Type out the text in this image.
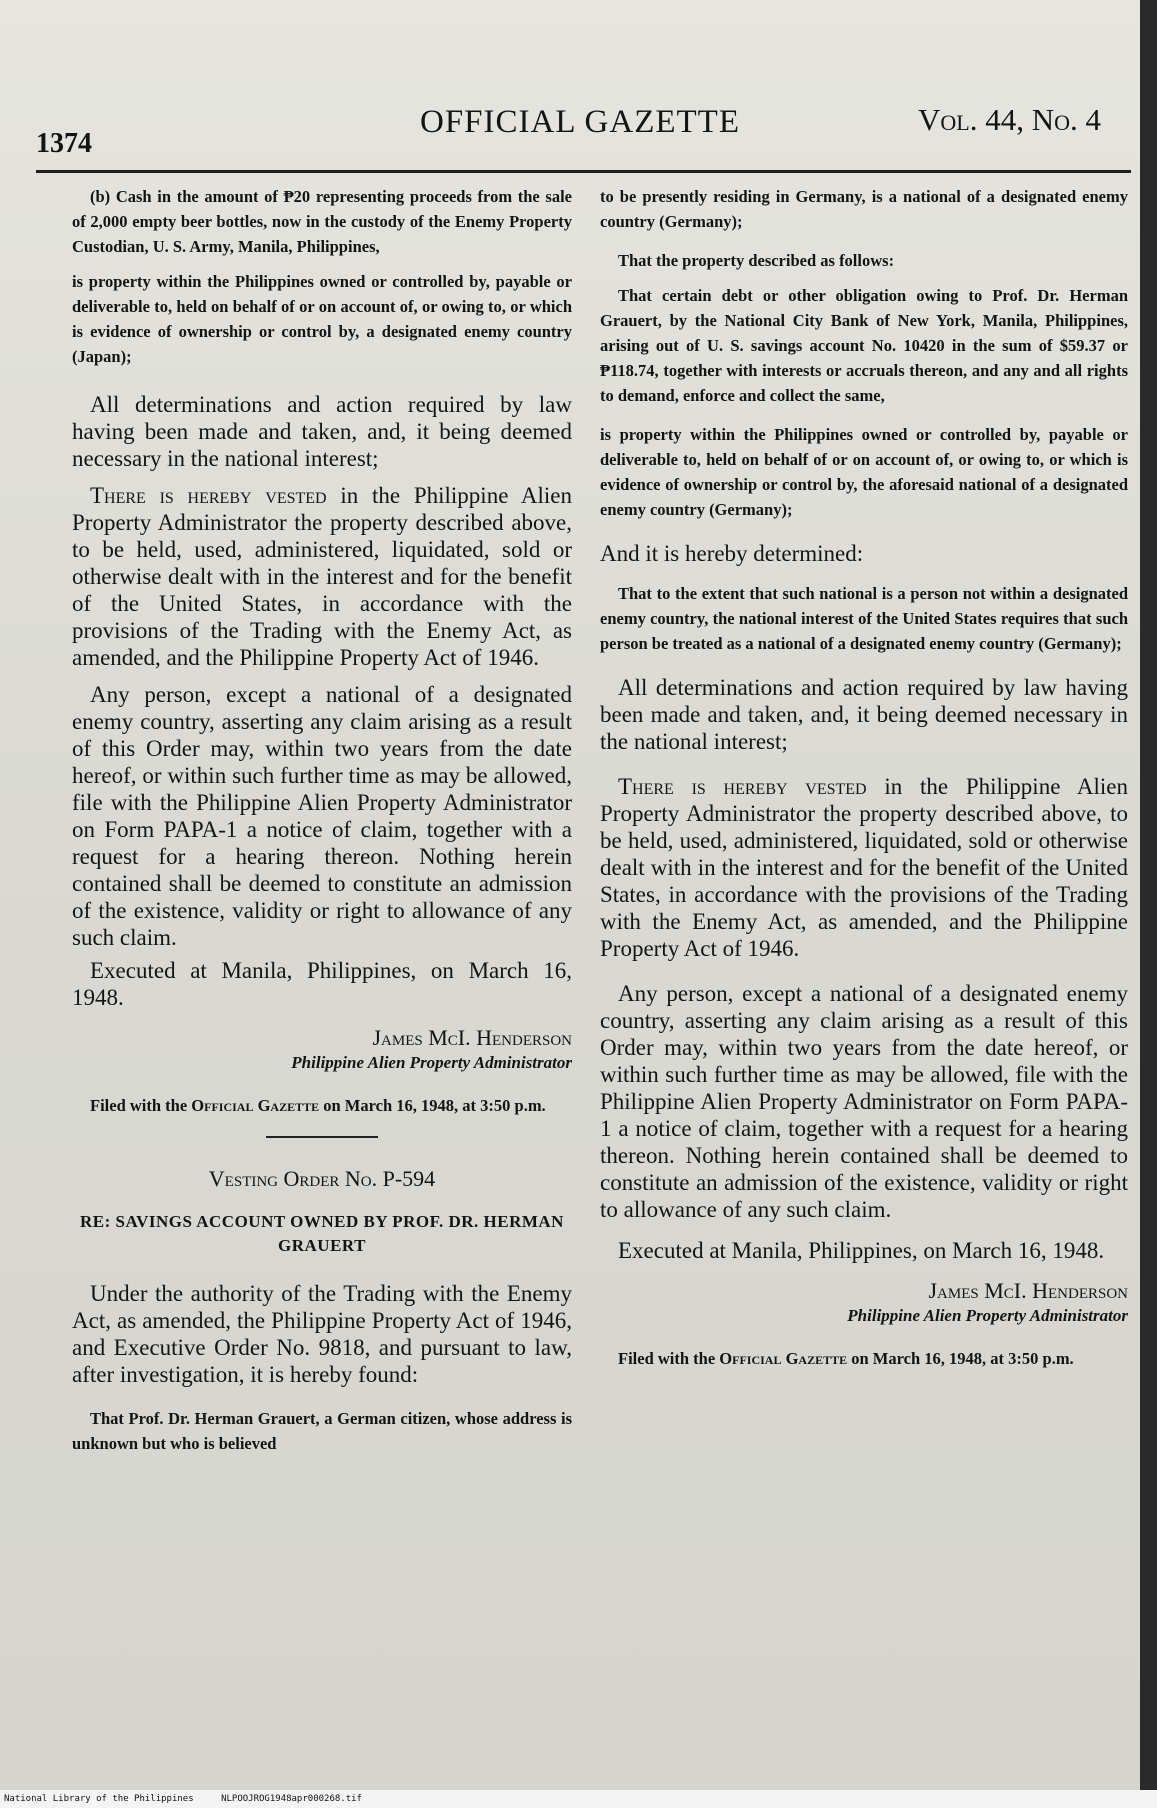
1374
OFFICIAL GAZETTE	Vol. 44, No. 4

(b) Cash in the amount of ₱20 representing proceeds from the sale of 2,000 empty beer bottles, now in the custody of the Enemy Property Custodian, U. S. Army, Manila, Philippines,

is property within the Philippines owned or controlled by, payable or deliverable to, held on behalf of or on account of, or owing to, or which is evidence of ownership or control by, a designated enemy country (Japan);

All determinations and action required by law having been made and taken, and, it being deemed necessary in the national interest;

There is hereby vested in the Philippine Alien Property Administrator the property described above, to be held, used, administered, liquidated, sold or otherwise dealt with in the interest and for the benefit of the United States, in accordance with the provisions of the Trading with the Enemy Act, as amended, and the Philippine Property Act of 1946.

Any person, except a national of a designated enemy country, asserting any claim arising as a result of this Order may, within two years from the date hereof, or within such further time as may be allowed, file with the Philippine Alien Property Administrator on Form PAPA-1 a notice of claim, together with a request for a hearing thereon. Nothing herein contained shall be deemed to constitute an admission of the existence, validity or right to allowance of any such claim.

Executed at Manila, Philippines, on March 16, 1948.

James McI. Henderson
Philippine Alien Property Administrator

Filed with the Official Gazette on March 16, 1948, at 3:50 p.m.

Vesting Order No. P-594

RE: SAVINGS ACCOUNT OWNED BY PROF. DR. HERMAN GRAUERT

Under the authority of the Trading with the Enemy Act, as amended, the Philippine Property Act of 1946, and Executive Order No. 9818, and pursuant to law, after investigation, it is hereby found:

That Prof. Dr. Herman Grauert, a German citizen, whose address is unknown but who is believed

to be presently residing in Germany, is a national of a designated enemy country (Germany);

That the property described as follows:

That certain debt or other obligation owing to Prof. Dr. Herman Grauert, by the National City Bank of New York, Manila, Philippines, arising out of U. S. savings account No. 10420 in the sum of $59.37 or ₱118.74, together with interests or accruals thereon, and any and all rights to demand, enforce and collect the same,

is property within the Philippines owned or controlled by, payable or deliverable to, held on behalf of or on account of, or owing to, or which is evidence of ownership or control by, the aforesaid national of a designated enemy country (Germany);

And it is hereby determined:

That to the extent that such national is a person not within a designated enemy country, the national interest of the United States requires that such person be treated as a national of a designated enemy country (Germany);

All determinations and action required by law having been made and taken, and, it being deemed necessary in the national interest;

There is hereby vested in the Philippine Alien Property Administrator the property described above, to be held, used, administered, liquidated, sold or otherwise dealt with in the interest and for the benefit of the United States, in accordance with the provisions of the Trading with the Enemy Act, as amended, and the Philippine Property Act of 1946.

Any person, except a national of a designated enemy country, asserting any claim arising as a result of this Order may, within two years from the date hereof, or within such further time as may be allowed, file with the Philippine Alien Property Administrator on Form PAPA-1 a notice of claim, together with a request for a hearing thereon. Nothing herein contained shall be deemed to constitute an admission of the existence, validity or right to allowance of any such claim.

Executed at Manila, Philippines, on March 16, 1948.

James McI. Henderson
Philippine Alien Property Administrator

Filed with the Official Gazette on March 16, 1948, at 3:50 p.m.

National Library of the Philippines	NLPOOJROG1948apr000268.tif
